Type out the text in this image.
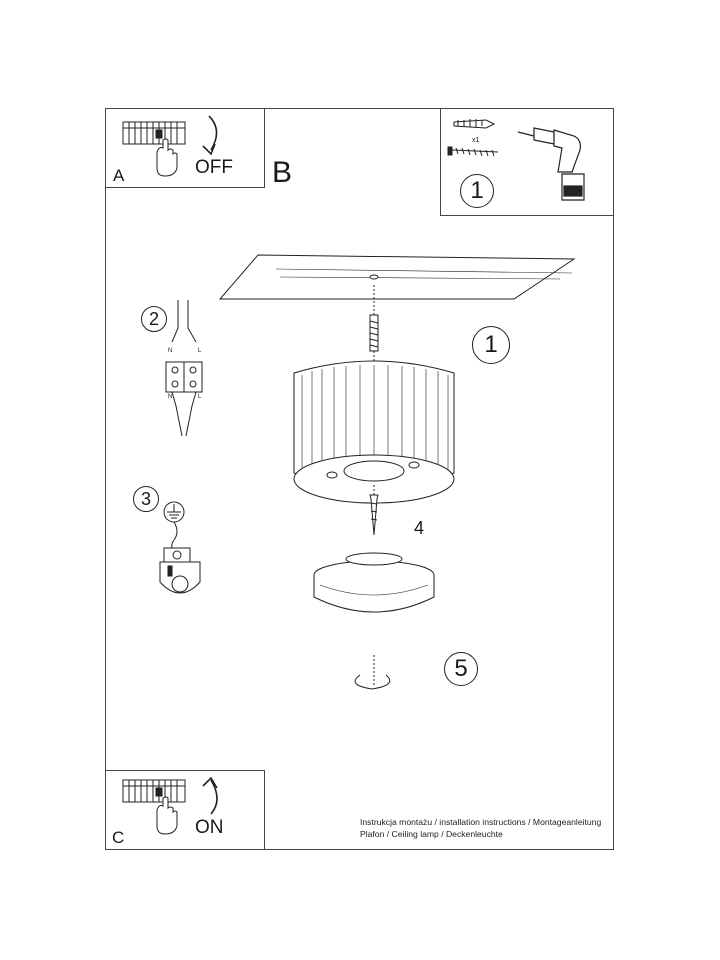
A	OFF B
x1
1
1
4
5
2
N	L
N	L
3
C	ON	Instrukcja montażu / installation instructions / Montageanleitung
Plafon / Ceiling lamp / Deckenleuchte
